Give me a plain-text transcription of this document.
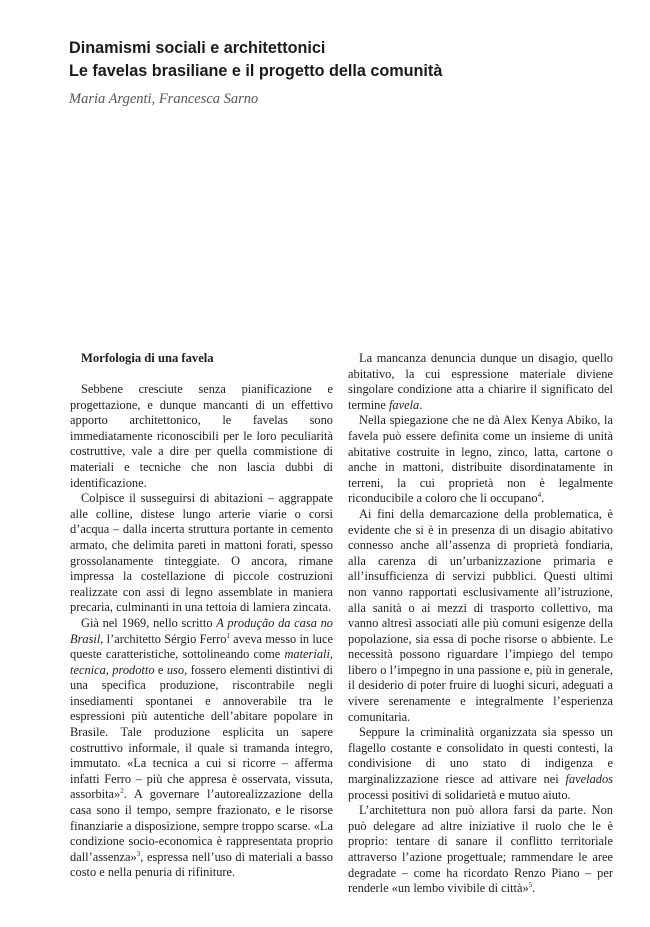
Dinamismi sociali e architettonici
Le favelas brasiliane e il progetto della comunità
Maria Argenti, Francesca Sarno

Morfologia di una favela

Sebbene cresciute senza pianificazione e progettazione, e dunque mancanti di un effettivo apporto architettonico, le favelas sono immediatamente riconoscibili per le loro peculiarità costruttive, vale a dire per quella commistione di materiali e tecniche che non lascia dubbi di identificazione.

Colpisce il susseguirsi di abitazioni – aggrappate alle colline, distese lungo arterie viarie o corsi d’acqua – dalla incerta struttura portante in cemento armato, che delimita pareti in mattoni forati, spesso grossolanamente tinteggiate. O ancora, rimane impressa la costellazione di piccole costruzioni realizzate con assi di legno assemblate in maniera precaria, culminanti in una tettoia di lamiera zincata.

Già nel 1969, nello scritto A produção da casa no Brasil, l’architetto Sérgio Ferro$^1$ aveva messo in luce queste caratteristiche, sottolineando come materiali, tecnica, prodotto e uso, fossero elementi distintivi di una specifica produzione, riscontrabile negli insediamenti spontanei e annoverabile tra le espressioni più autentiche dell’abitare popolare in Brasile. Tale produzione esplicita un sapere costruttivo informale, il quale si tramanda integro, immutato. «La tecnica a cui si ricorre – afferma infatti Ferro – più che appresa è osservata, vissuta, assorbita»$^2$. A governare l’autorealizzazione della casa sono il tempo, sempre frazionato, e le risorse finanziarie a disposizione, sempre troppo scarse. «La condizione socio-economica è rappresentata proprio dall’assenza»$^3$, espressa nell’uso di materiali a basso costo e nella penuria di rifiniture.

La mancanza denuncia dunque un disagio, quello abitativo, la cui espressione materiale diviene singolare condizione atta a chiarire il significato del termine favela.

Nella spiegazione che ne dà Alex Kenya Abiko, la favela può essere definita come un insieme di unità abitative costruite in legno, zinco, latta, cartone o anche in mattoni, distribuite disordinatamente in terreni, la cui proprietà non è legalmente riconducibile a coloro che li occupano$^4$.

Ai fini della demarcazione della problematica, è evidente che si è in presenza di un disagio abitativo connesso anche all’assenza di proprietà fondiaria, alla carenza di un’urbanizzazione primaria e all’insufficienza di servizi pubblici. Questi ultimi non vanno rapportati esclusivamente all’istruzione, alla sanità o ai mezzi di trasporto collettivo, ma vanno altresì associati alle più comuni esigenze della popolazione, sia essa di poche risorse o abbiente. Le necessità possono riguardare l’impiego del tempo libero o l’impegno in una passione e, più in generale, il desiderio di poter fruire di luoghi sicuri, adeguati a vivere serenamente e integralmente l’esperienza comunitaria.

Seppure la criminalità organizzata sia spesso un flagello costante e consolidato in questi contesti, la condivisione di uno stato di indigenza e marginalizzazione riesce ad attivare nei favelados processi positivi di solidarietà e mutuo aiuto.

L’architettura non può allora farsi da parte. Non può delegare ad altre iniziative il ruolo che le è proprio: tentare di sanare il conflitto territoriale attraverso l’azione progettuale; rammendare le aree degradate – come ha ricordato Renzo Piano – per renderle «un lembo vivibile di città»$^5$.
